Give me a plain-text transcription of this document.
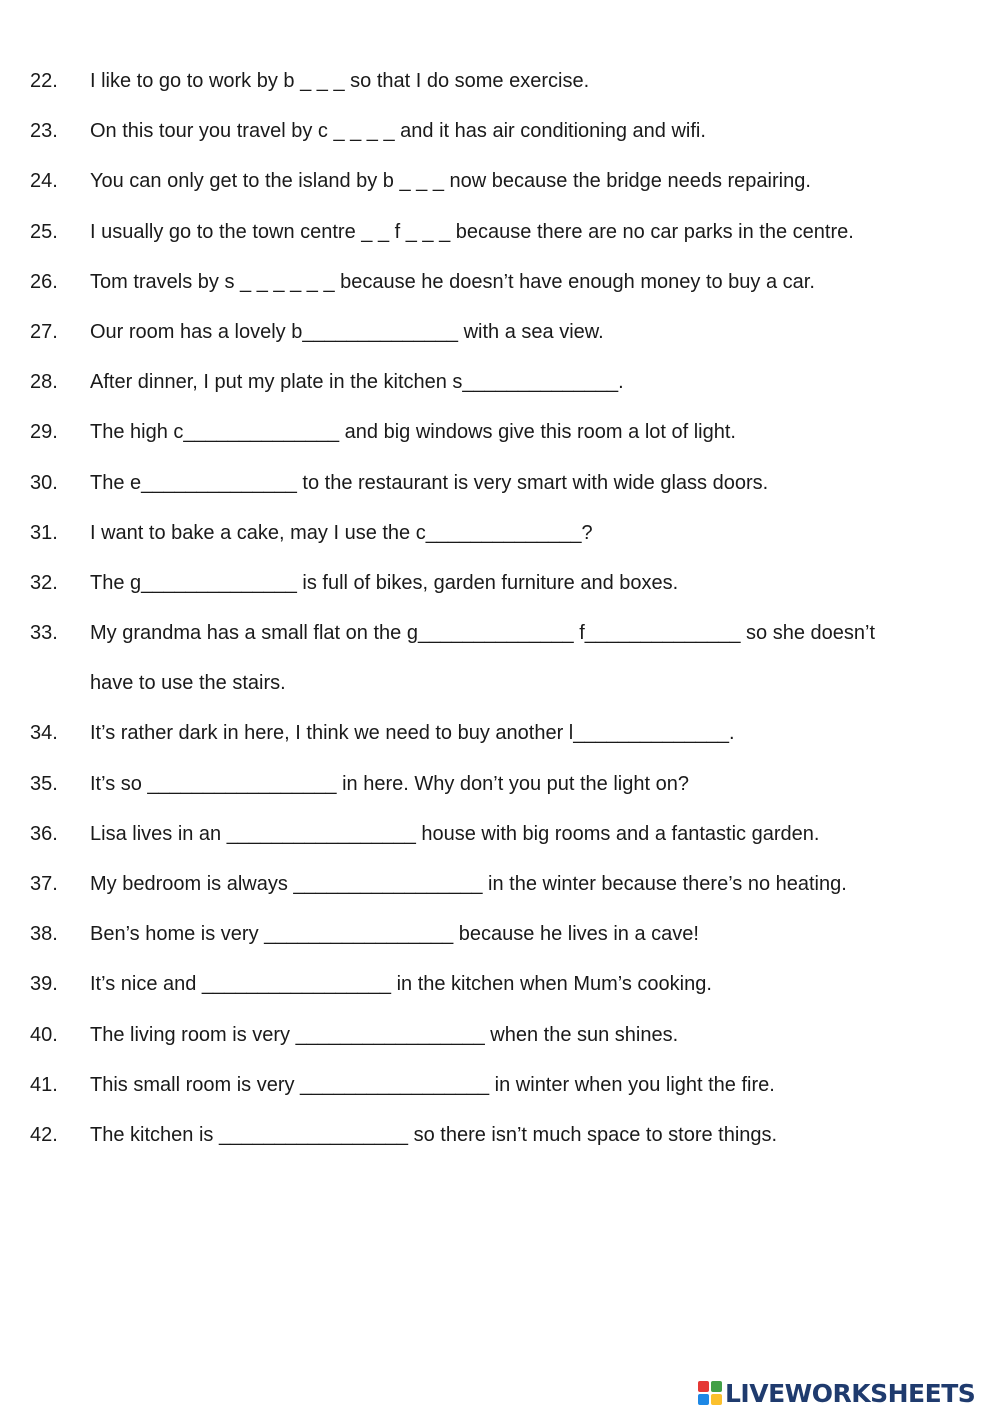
22. I like to go to work by b _ _ _ so that I do some exercise.
23. On this tour you travel by c _ _ _ _ and it has air conditioning and wifi.
24. You can only get to the island by b _ _ _ now because the bridge needs repairing.
25. I usually go to the town centre _ _ f _ _ _ because there are no car parks in the centre.
26. Tom travels by s _ _ _ _ _ _ because he doesn’t have enough money to buy a car.
27. Our room has a lovely b______________ with a sea view.
28. After dinner, I put my plate in the kitchen s______________.
29. The high c______________ and big windows give this room a lot of light.
30. The e______________ to the restaurant is very smart with wide glass doors.
31. I want to bake a cake, may I use the c______________?
32. The g______________ is full of bikes, garden furniture and boxes.
33. My grandma has a small flat on the g______________ f______________ so she doesn’t
have to use the stairs.
34. It’s rather dark in here, I think we need to buy another l______________.
35. It’s so _________________ in here. Why don’t you put the light on?
36. Lisa lives in an _________________ house with big rooms and a fantastic garden.
37. My bedroom is always _________________ in the winter because there’s no heating.
38. Ben’s home is very _________________ because he lives in a cave!
39. It’s nice and _________________ in the kitchen when Mum’s cooking.
40. The living room is very _________________ when the sun shines.
41. This small room is very _________________ in winter when you light the fire.
42. The kitchen is _________________ so there isn’t much space to store things.
LIVEWORKSHEETS
